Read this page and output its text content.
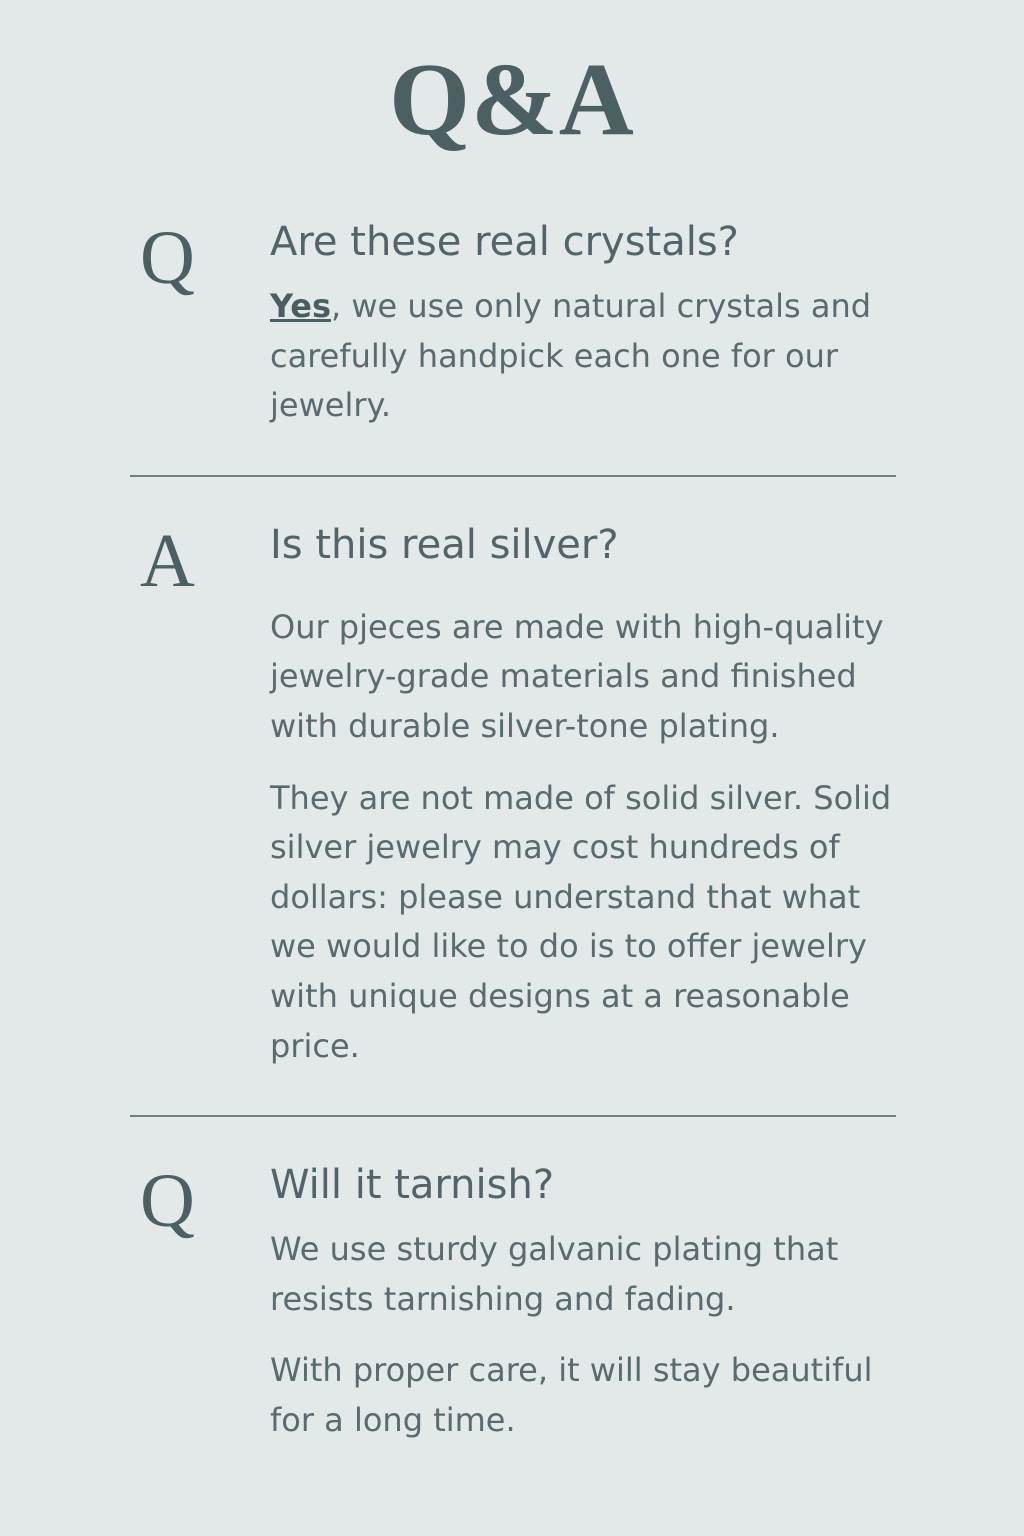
Q&A
Q	Are these real crystals?

Yes, we use only natural crystals and carefully handpick each one for our jewelry.

A	Is this real silver?

Our pjeces are made with high-quality jewelry-grade materials and finished with durable silver-tone plating.

They are not made of solid silver. Solid silver jewelry may cost hundreds of dollars: please understand that what we would like to do is to offer jewelry with unique designs at a reasonable price.

Q	Will it tarnish?

We use sturdy galvanic plating that resists tarnishing and fading.

With proper care, it will stay beautiful for a long time.
